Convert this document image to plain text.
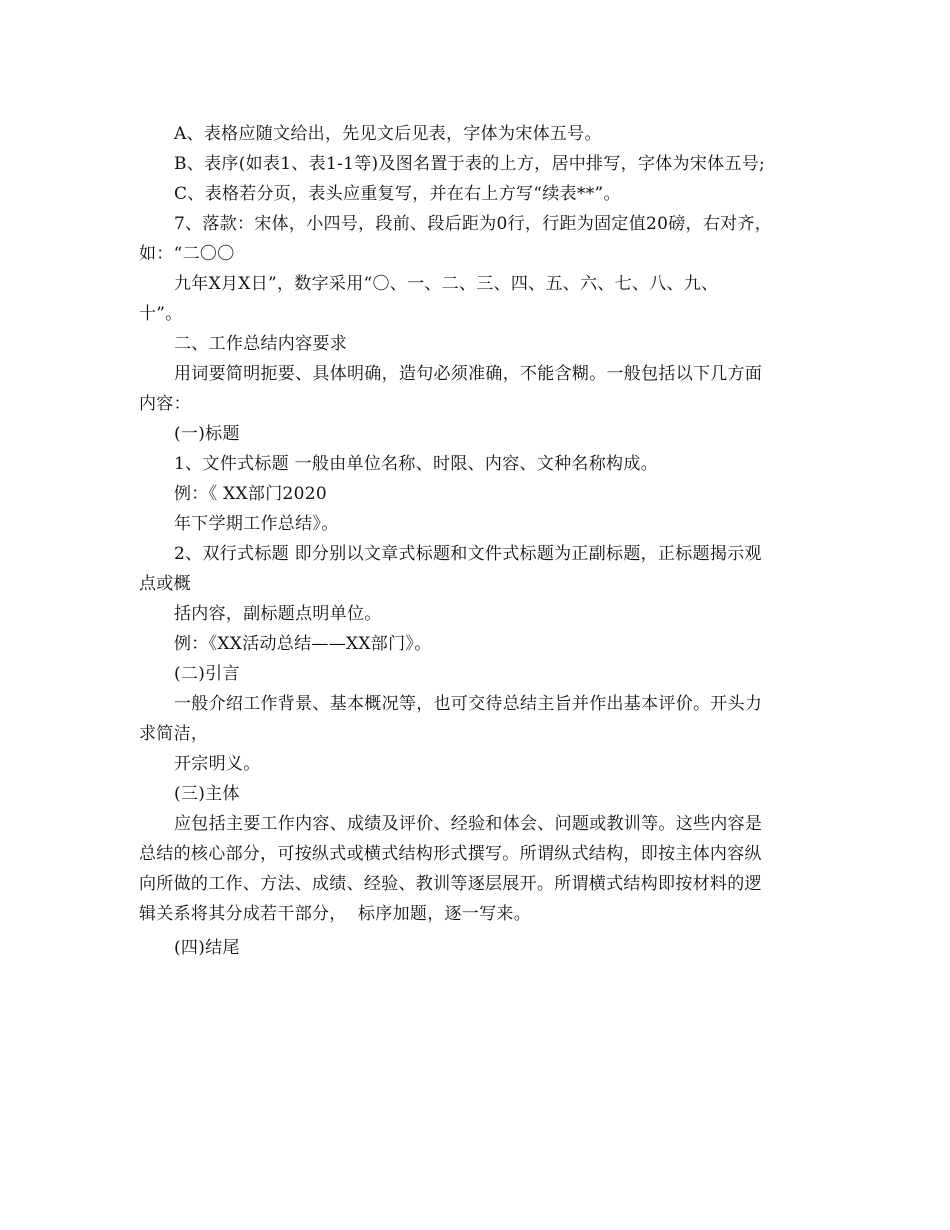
A、表格应随文给出，先见文后见表，字体为宋体五号。
B、表序(如表1、表1-1等)及图名置于表的上方，居中排写，字体为宋体五号;
C、表格若分页，表头应重复写，并在右上方写“续表**”。
7、落款：宋体，小四号，段前、段后距为0行，行距为固定值20磅，右对齐，
如：“二〇〇
九年X月X日”，数字采用“〇、一、二、三、四、五、六、七、八、九、
十”。
二、工作总结内容要求
用词要简明扼要、具体明确，造句必须准确，不能含糊。一般包括以下几方面
内容：
(一)标题
1、文件式标题 一般由单位名称、时限、内容、文种名称构成。
例：《 XX部门2020
年下学期工作总结》。
2、双行式标题 即分别以文章式标题和文件式标题为正副标题，正标题揭示观
点或概
括内容，副标题点明单位。
例：《XX活动总结——XX部门》。
(二)引言
一般介绍工作背景、基本概况等，也可交待总结主旨并作出基本评价。开头力
求简洁，
开宗明义。
(三)主体
应包括主要工作内容、成绩及评价、经验和体会、问题或教训等。这些内容是
总结的核心部分，可按纵式或横式结构形式撰写。所谓纵式结构，即按主体内容纵
向所做的工作、方法、成绩、经验、教训等逐层展开。所谓横式结构即按材料的逻
辑关系将其分成若干部分，  标序加题，逐一写来。
(四)结尾
